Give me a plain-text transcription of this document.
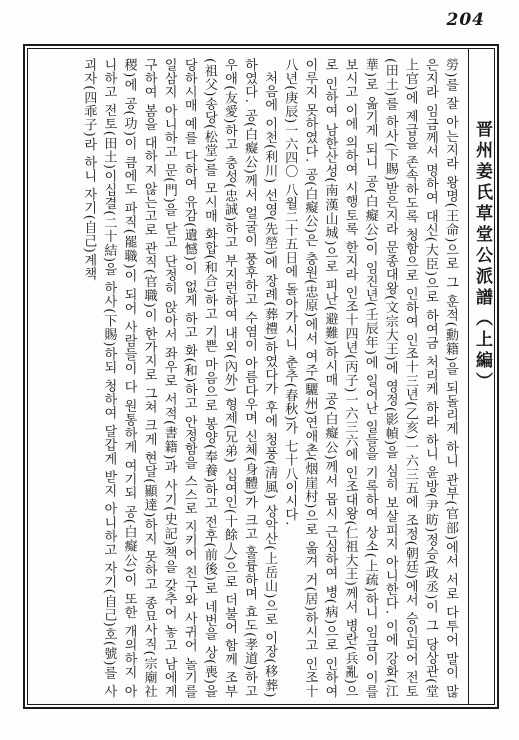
204
晋州姜氏草堂公派譜（上編）

勞)를 잘 아는지라 왕명(王命)으로 그 훈적(勳籍)을 되돌리게 하니 관부(官部)에서 서로 다투어 말이 많은지라 임금께서 명하여 대신(大臣)으로 하여금 처리케 하라 하니 윤방(尹昉)정승(政丞)이 그 당상관(堂上官)에 제급을 존속하도록 청함으로 인하여 인조十三년(乙亥)一六三五에 조정(朝廷)에서 승인되어 전토(田土)를 하사(下賜)받은지라 문종대왕(文宗大王)에 영정(影幀)을 심히 보살피지 아니한다. 이에 강화(江華)로 옮기게 되니 공(白癡公)이 임진년(壬辰年)에 일어난 일들을 기록하여 상소(上疏)하니 임금이 이를 보시고 이에 의하여 시행토록 한지라 인조十四년(丙子)一六三六에 인조대왕(仁祖大王)께서 병란(兵亂)으로 인하여 남한산성(南漢山城)으로 피난(避難)하시매 공(白癡公)께서 몹시 근심하여 병(病)으로 인하여 이루지 못하였다. 공(白癡公)은 충원(忠原)에서 여주(驪州)연애촌(烟崖村)으로 옮겨 거(居)하시고 인조十八년(庚辰)一六四〇 八월二十五日에 돌아가시니 춘추(春秋)가 七十八이시다.

처음에 이천(利川) 선영(先塋)에 장례(葬禮)하였다가 후에 청풍(淸風) 상악산(上岳山)으로 이장(移葬)하였다. 공(白癡公)께서 얼굴이 풍후하고 수염이 아름다우며 신체(身體)가 크고 훌륭하며 효도(孝道)하고 우애(友愛)하고 충성(忠誠)하고 부지런하여 내외(內外) 형제(兄弟) 십여인(十餘人)으로 더불어 함께 조부(祖父)송당(松堂)를 모시매 화합(和合)하고 기쁜 마음으로 봉양(奉養)하고 전후(前後)로 네번을 상(喪)을 당하시매 예를 다하여 유감(遺憾)이 없게 하고 화(和)하고 안정함을 스스로 지키어 친구와 사귀어 놀기를 일삼지 아니하고 문(門)을 닫고 단정히 앉아서 좌우로 서적(書籍)과 사기(史記)책을 갖추어 놓고 남에게 구하여 봄을 대하지 않는고로 관직(官職)이 한가지로 그쳐 크게 현달(顯達)하지 못하고 종묘사직(宗廟社稷)에 공(功)이 큼에도 파직(罷職)이 되어 사람들이 다 원통하게 여기되 공(白癡公)이 또한 개의하지 아니하고 전토(田土)이십결(二十結)을 하사(下賜)하되 청하여 달갑게 받지 아니하고 자기(自己)호(號)를 사괴자(四乖子)라 하니 자기(自己)계책
